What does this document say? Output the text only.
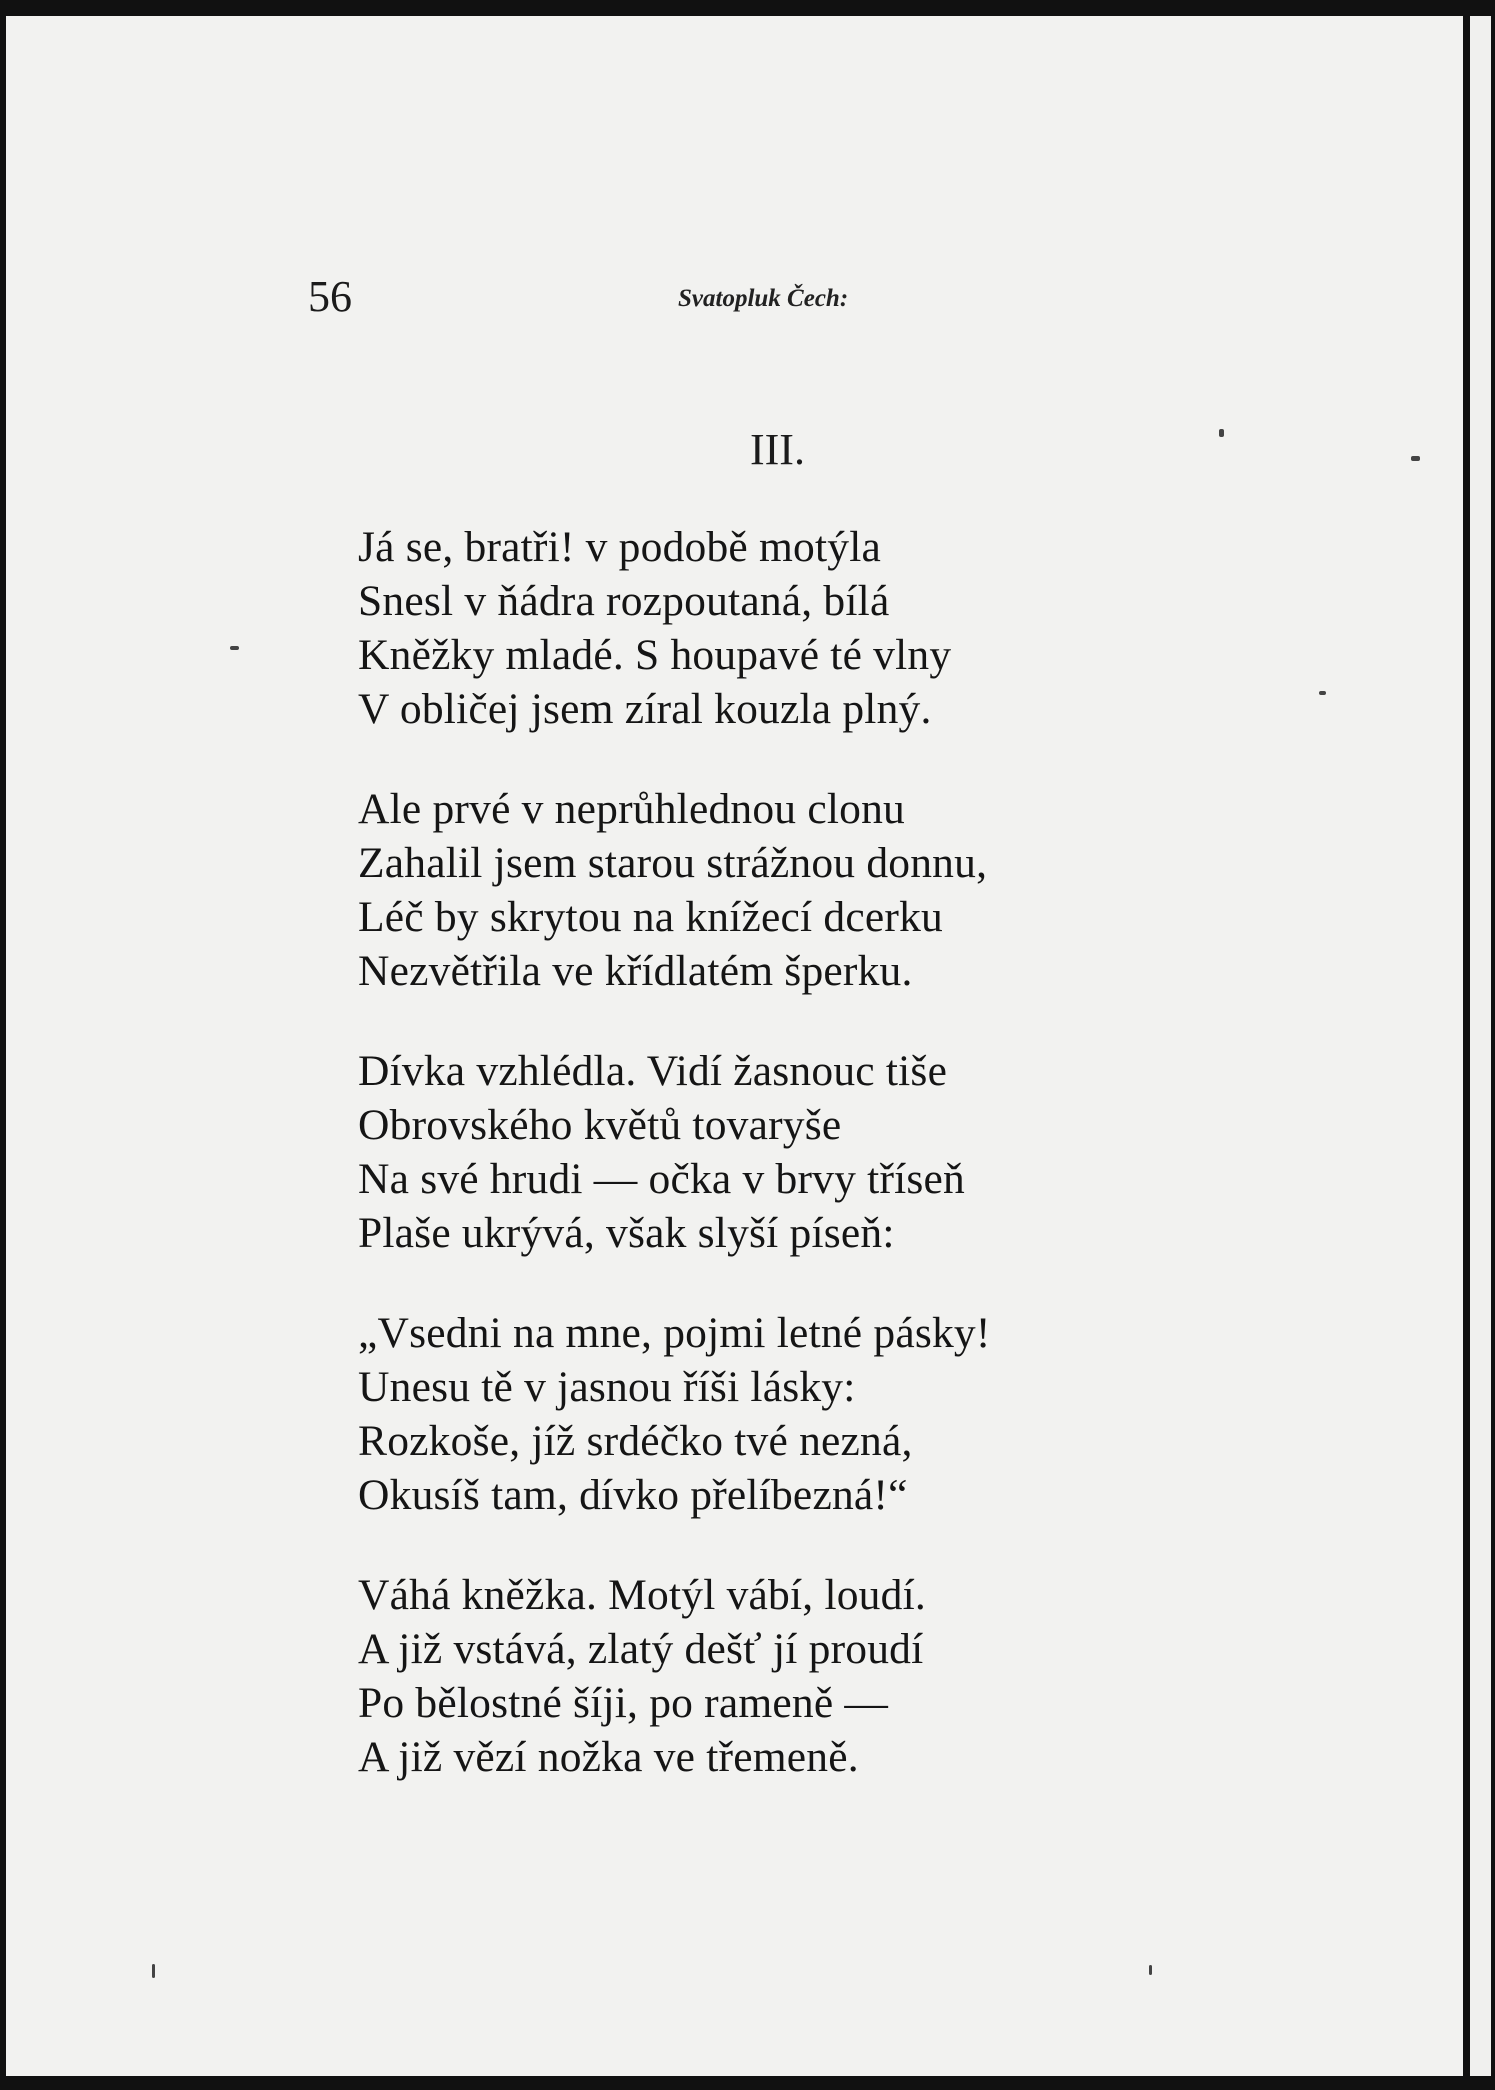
56	Svatopluk Čech:
III.
Já se, bratři! v podobě motýla
Snesl v ňádra rozpoutaná, bílá
Kněžky mladé. S houpavé té vlny
V obličej jsem zíral kouzla plný.
Ale prvé v neprůhlednou clonu
Zahalil jsem starou strážnou donnu,
Léč by skrytou na knížecí dcerku
Nezvětřila ve křídlatém šperku.
Dívka vzhlédla. Vidí žasnouc tiše
Obrovského květů tovaryše
Na své hrudi — očka v brvy tříseň
Plaše ukrývá, však slyší píseň:
„Vsedni na mne, pojmi letné pásky!
Unesu tě v jasnou říši lásky:
Rozkoše, jíž srdéčko tvé nezná,
Okusíš tam, dívko přelíbezná!“
Váhá kněžka. Motýl vábí, loudí.
A již vstává, zlatý dešť jí proudí
Po bělostné šíji, po rameně —
A již vězí nožka ve třemeně.
